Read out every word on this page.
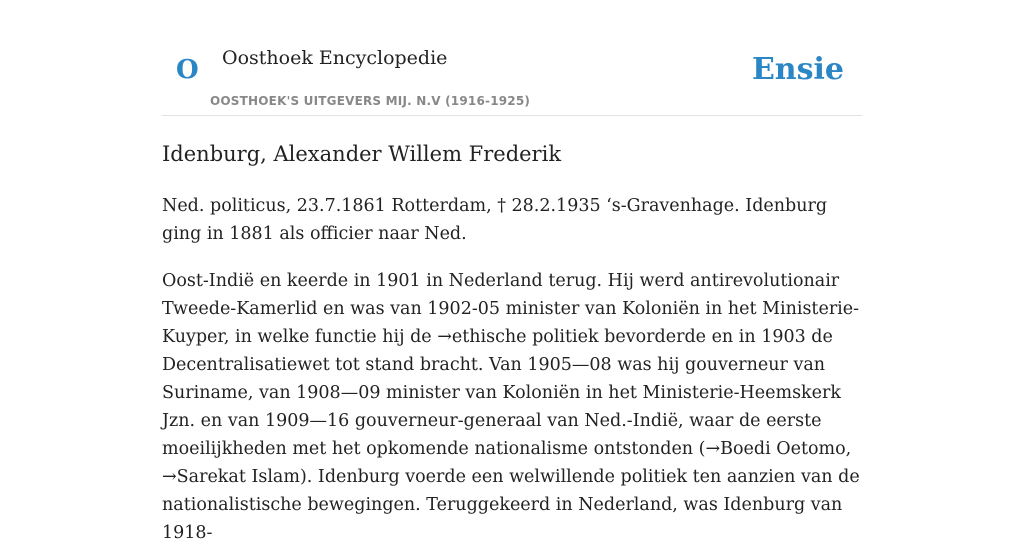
O Oosthoek Encyclopedie
OOSTHOEK'S UITGEVERS MIJ. N.V (1916-1925)
Ensie
Idenburg, Alexander Willem Frederik

Ned. politicus, 23.7.1861 Rotterdam, † 28.2.1935 ‘s-Gravenhage. Idenburg ging in 1881 als officier naar Ned.

Oost-Indië en keerde in 1901 in Nederland terug. Hij werd antirevolutionair Tweede-Kamerlid en was van 1902-05 minister van Koloniën in het Ministerie-Kuyper, in welke functie hij de →ethische politiek bevorderde en in 1903 de Decentralisatiewet tot stand bracht. Van 1905—08 was hij gouverneur van Suriname, van 1908—09 minister van Koloniën in het Ministerie-Heemskerk Jzn. en van 1909—16 gouverneur-generaal van Ned.-Indië, waar de eerste moeilijkheden met het opkomende nationalisme ontstonden (→Boedi Oetomo, →Sarekat Islam). Idenburg voerde een welwillende politiek ten aanzien van de nationalistische bewegingen. Teruggekeerd in Nederland, was Idenburg van 1918-
